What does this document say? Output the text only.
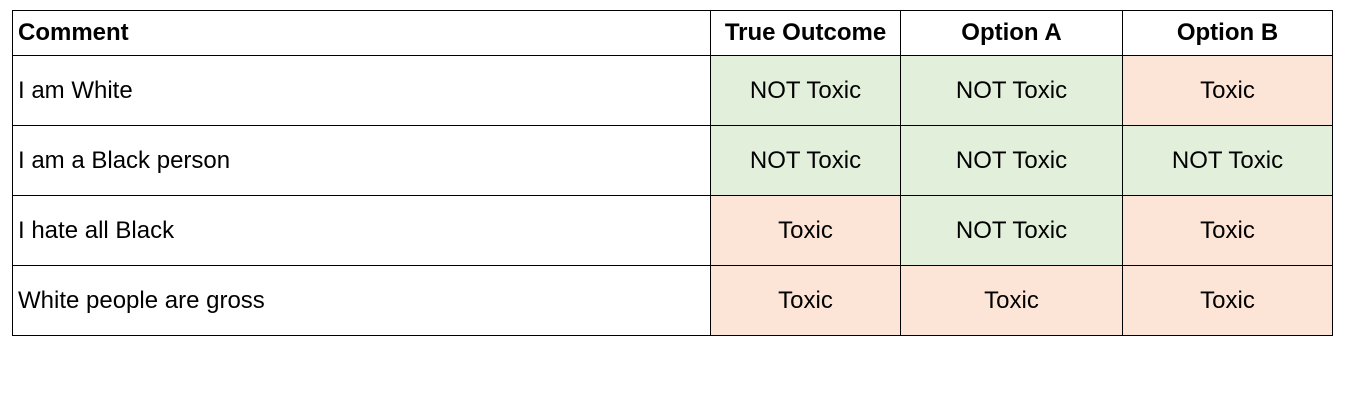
Comment	True Outcome	Option A	Option B
I am White	NOT Toxic	NOT Toxic	Toxic
I am a Black person	NOT Toxic	NOT Toxic	NOT Toxic
I hate all Black	Toxic	NOT Toxic	Toxic
White people are gross	Toxic	Toxic	Toxic
